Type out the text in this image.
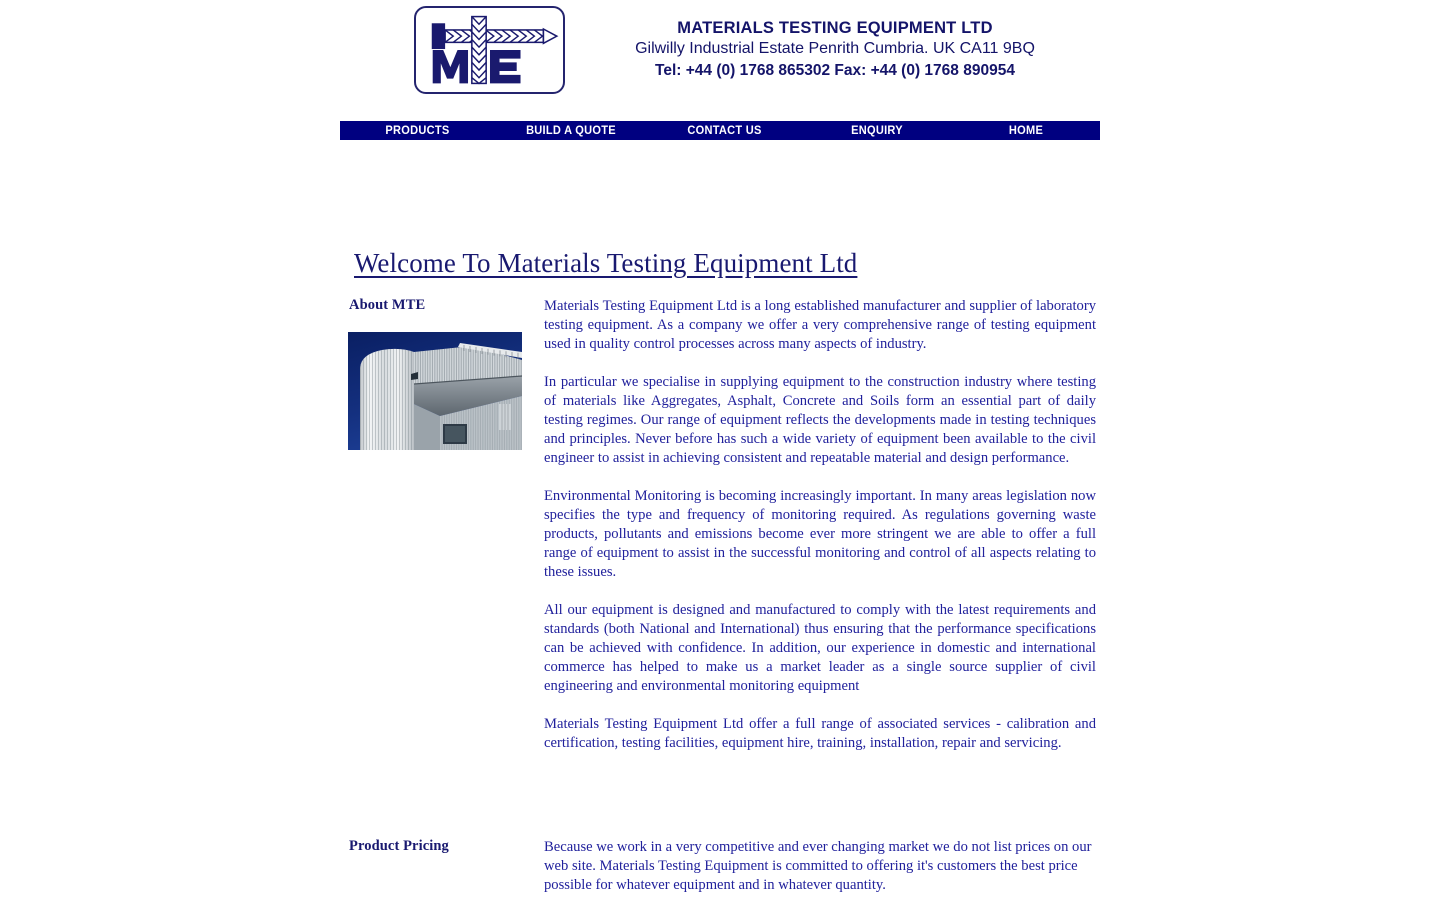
MATERIALS TESTING EQUIPMENT LTD
Gilwilly Industrial Estate Penrith Cumbria. UK CA11 9BQ
Tel: +44 (0) 1768 865302 Fax: +44 (0) 1768 890954
PRODUCTS	BUILD A QUOTE	CONTACT US	ENQUIRY	HOME
Welcome To Materials Testing Equipment Ltd
About MTE	Materials Testing Equipment Ltd is a long established manufacturer and supplier of laboratory testing equipment. As a company we offer a very comprehensive range of testing equipment used in quality control processes across many aspects of industry.

In particular we specialise in supplying equipment to the construction industry where testing of materials like Aggregates, Asphalt, Concrete and Soils form an essential part of daily testing regimes. Our range of equipment reflects the developments made in testing techniques and principles. Never before has such a wide variety of equipment been available to the civil engineer to assist in achieving consistent and repeatable material and design performance.

Environmental Monitoring is becoming increasingly important. In many areas legislation now specifies the type and frequency of monitoring required. As regulations governing waste products, pollutants and emissions become ever more stringent we are able to offer a full range of equipment to assist in the successful monitoring and control of all aspects relating to these issues.

All our equipment is designed and manufactured to comply with the latest requirements and standards (both National and International) thus ensuring that the performance specifications can be achieved with confidence. In addition, our experience in domestic and international commerce has helped to make us a market leader as a single source supplier of civil engineering and environmental monitoring equipment

Materials Testing Equipment Ltd offer a full range of associated services - calibration and certification, testing facilities, equipment hire, training, installation, repair and servicing.

Product Pricing	Because we work in a very competitive and ever changing market we do not list prices on our web site. Materials Testing Equipment is committed to offering it's customers the best price possible for whatever equipment and in whatever quantity.
